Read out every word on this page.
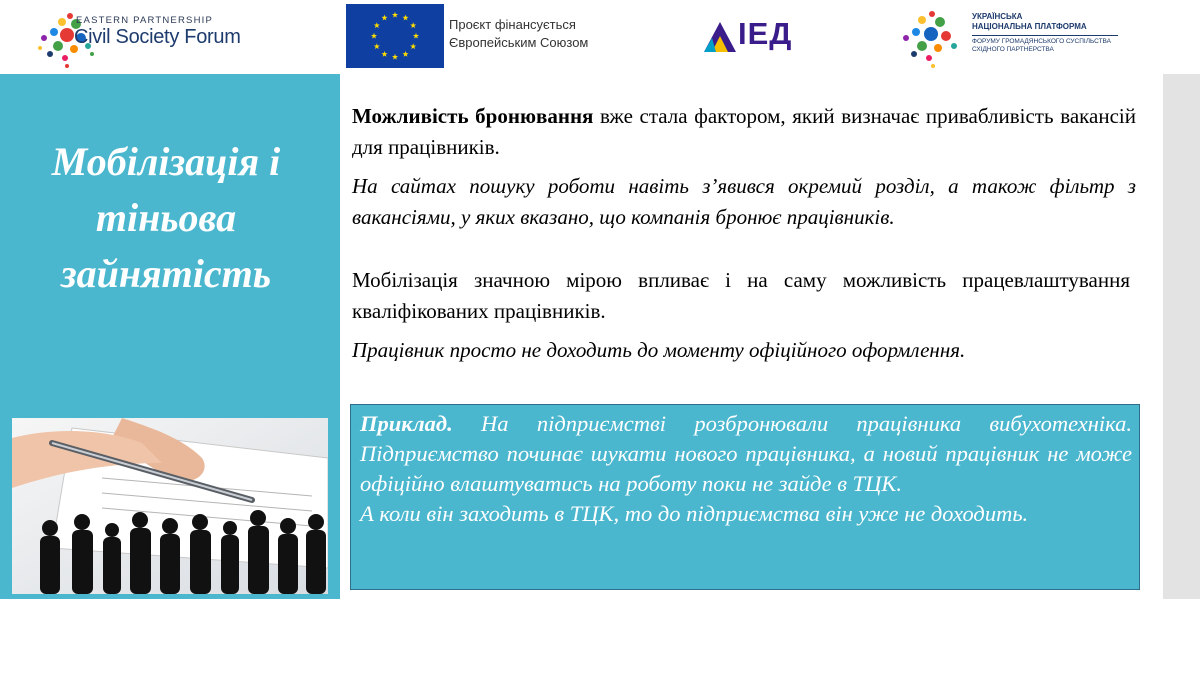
EASTERN PARTNERSHIP
Civil Society Forum
Проєкт фінансується
Європейським Союзом	ІЕД	УКРАЇНСЬКА
НАЦІОНАЛЬНА ПЛАТФОРМА
ФОРУМУ ГРОМАДЯНСЬКОГО СУСПІЛЬСТВА
СХІДНОГО ПАРТНЕРСТВА
Мобілізація і
тіньова
зайнятість
Можливість бронювання вже стала фактором, який визначає привабливість вакансій для працівників.
На сайтах пошуку роботи навіть з’явився окремий розділ, а також фільтр з вакансіями, у яких вказано, що компанія бронює працівників.
Мобілізація значною мірою впливає і на саму можливість працевлаштування кваліфікованих працівників.
Працівник просто не доходить до моменту офіційного оформлення.
Приклад. На підприємстві розбронювали працівника вибухотехніка. Підприємство починає шукати нового працівника, а новий працівник не може офіційно влаштуватись на роботу поки не зайде в ТЦК.
А коли він заходить в ТЦК, то до підприємства він уже не доходить.
